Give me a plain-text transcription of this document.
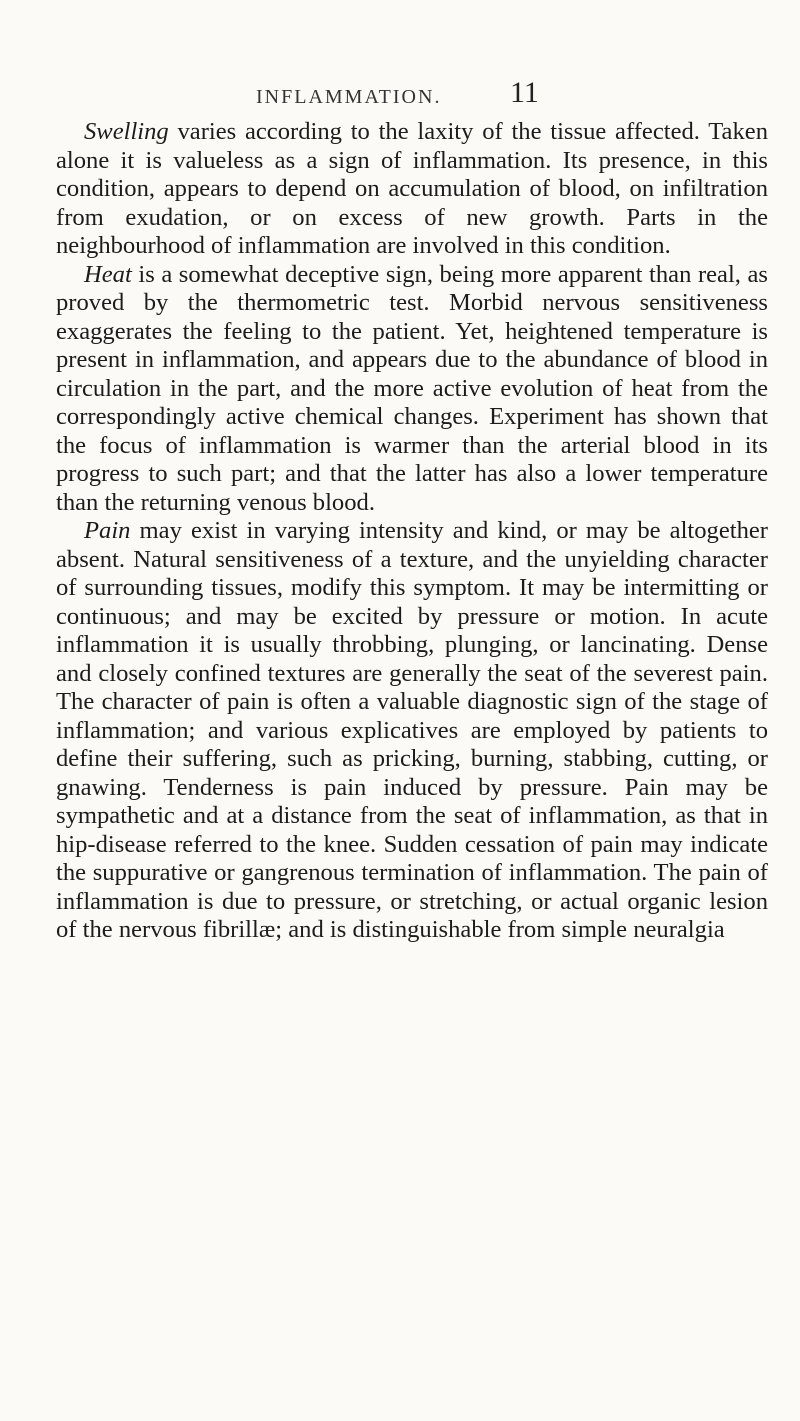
INFLAMMATION. 11

Swelling varies according to the laxity of the tissue affected. Taken alone it is valueless as a sign of inflammation. Its presence, in this condition, appears to depend on accumulation of blood, on infiltration from exudation, or on excess of new growth. Parts in the neighbourhood of inflammation are involved in this condition.

Heat is a somewhat deceptive sign, being more apparent than real, as proved by the thermometric test. Morbid nervous sensitiveness exaggerates the feeling to the patient. Yet, heightened temperature is present in inflammation, and appears due to the abundance of blood in circulation in the part, and the more active evolution of heat from the correspondingly active chemical changes. Experiment has shown that the focus of inflammation is warmer than the arterial blood in its progress to such part; and that the latter has also a lower temperature than the returning venous blood.

Pain may exist in varying intensity and kind, or may be altogether absent. Natural sensitiveness of a texture, and the unyielding character of surrounding tissues, modify this symptom. It may be intermitting or continuous; and may be excited by pressure or motion. In acute inflammation it is usually throbbing, plunging, or lancinating. Dense and closely confined textures are generally the seat of the severest pain. The character of pain is often a valuable diagnostic sign of the stage of inflammation; and various explicatives are employed by patients to define their suffering, such as pricking, burning, stabbing, cutting, or gnawing. Tenderness is pain induced by pressure. Pain may be sympathetic and at a distance from the seat of inflammation, as that in hip-disease referred to the knee. Sudden cessation of pain may indicate the suppurative or gangrenous termination of inflammation. The pain of inflammation is due to pressure, or stretching, or actual organic lesion of the nervous fibrillæ; and is distinguishable from simple neuralgia
